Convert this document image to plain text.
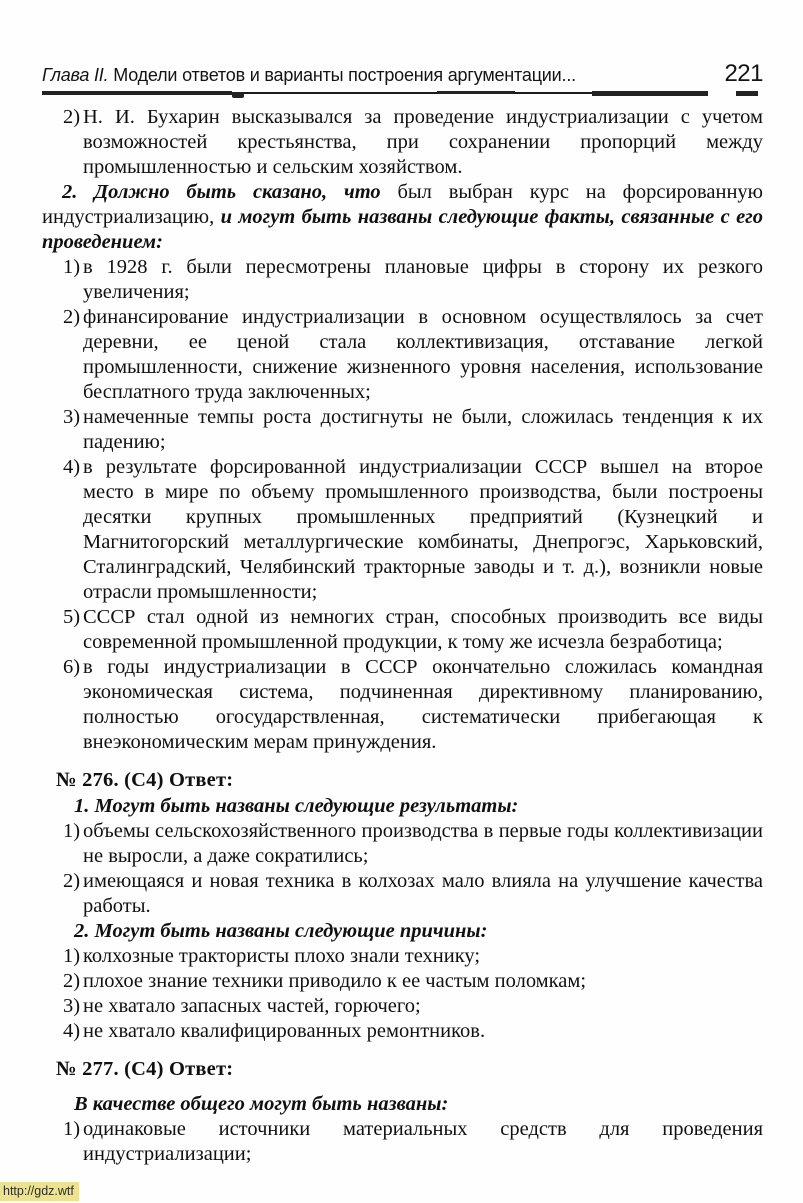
Глава II. Модели ответов и варианты построения аргументации...	221
2) Н. И. Бухарин высказывался за проведение индустриализации с учетом возможностей крестьянства, при сохранении пропорций между промышленностью и сельским хозяйством.

2. Должно быть сказано, что был выбран курс на форсированную индустриализацию, и могут быть названы следующие факты, связанные с его проведением:

1) в 1928 г. были пересмотрены плановые цифры в сторону их резкого увеличения;
2) финансирование индустриализации в основном осуществлялось за счет деревни, ее ценой стала коллективизация, отставание легкой промышленности, снижение жизненного уровня населения, использование бесплатного труда заключенных;
3) намеченные темпы роста достигнуты не были, сложилась тенденция к их падению;
4) в результате форсированной индустриализации СССР вышел на второе место в мире по объему промышленного производства, были построены десятки крупных промышленных предприятий (Кузнецкий и Магнитогорский металлургические комбинаты, Днепрогэс, Харьковский, Сталинградский, Челябинский тракторные заводы и т. д.), возникли новые отрасли промышленности;
5) СССР стал одной из немногих стран, способных производить все виды современной промышленной продукции, к тому же исчезла безработица;
6) в годы индустриализации в СССР окончательно сложилась командная экономическая система, подчиненная директивному планированию, полностью огосударствленная, систематически прибегающая к внеэкономическим мерам принуждения.
№ 276. (С4) Ответ:
1. Могут быть названы следующие результаты:
1) объемы сельскохозяйственного производства в первые годы коллективизации не выросли, а даже сократились;
2) имеющаяся и новая техника в колхозах мало влияла на улучшение качества работы.
2. Могут быть названы следующие причины:
1) колхозные трактористы плохо знали технику;
2) плохое знание техники приводило к ее частым поломкам;
3) не хватало запасных частей, горючего;
4) не хватало квалифицированных ремонтников.
№ 277. (С4) Ответ:
В качестве общего могут быть названы:
1) одинаковые источники материальных средств для проведения индустриализации;
http://gdz.wtf
